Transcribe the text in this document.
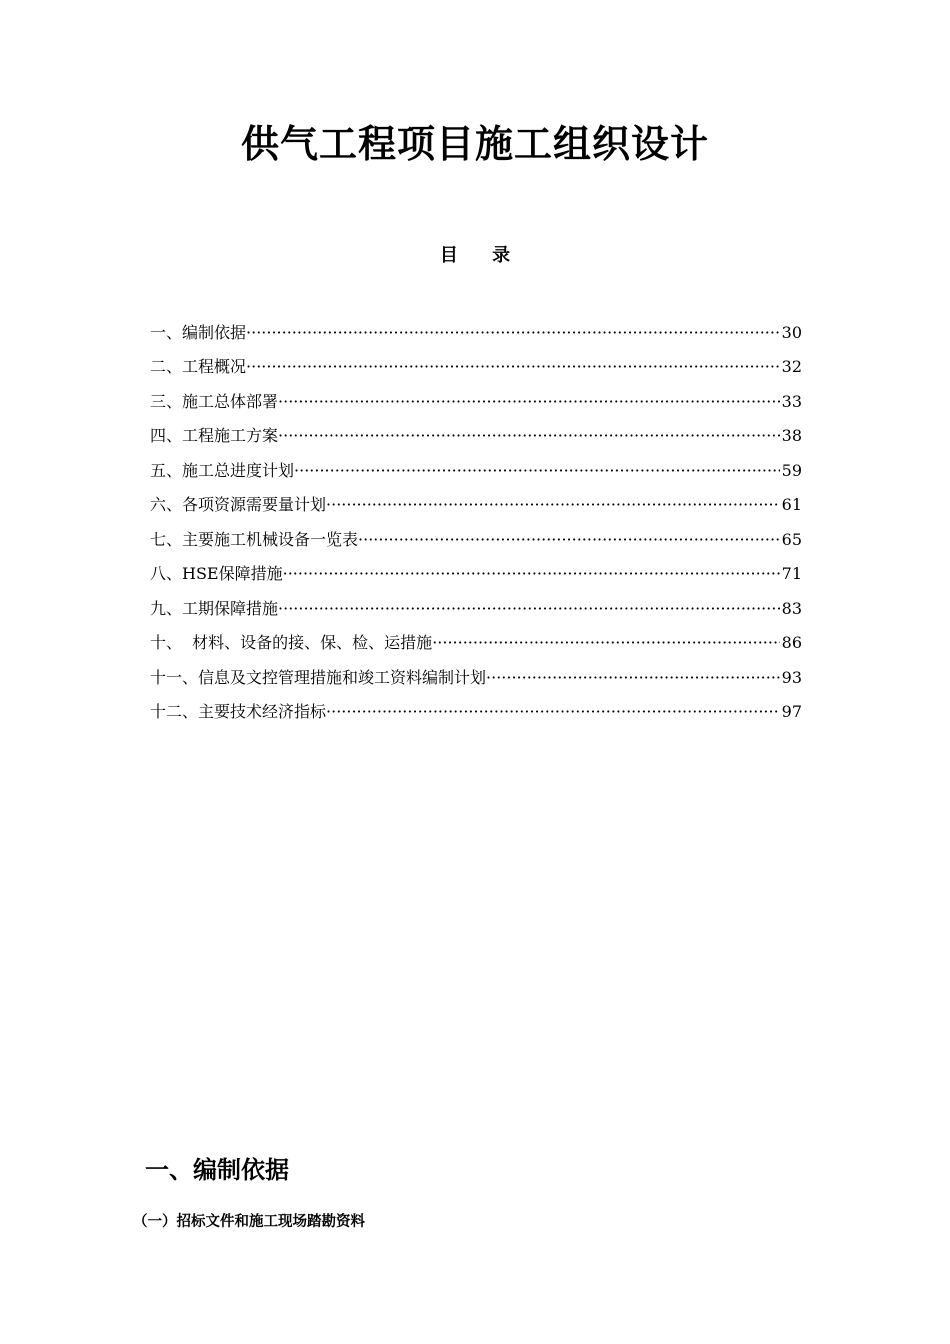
供气工程项目施工组织设计
目 录
一、编制依据 ·····	30
二、工程概况 ·····	32
三、施工总体部署 ·····	33
四、工程施工方案 ·····	38
五、施工总进度计划 ·····	59
六、各项资源需要量计划 ·····	61
七、主要施工机械设备一览表 ·····	65
八、HSE保障措施 ·····	71
九、工期保障措施 ·····	83
十、  材料、设备的接、保、检、运措施 ·····	86
十一、信息及文控管理措施和竣工资料编制计划 ·····	93
十二、主要技术经济指标 ·····	97
一、编制依据
（一）招标文件和施工现场踏勘资料
